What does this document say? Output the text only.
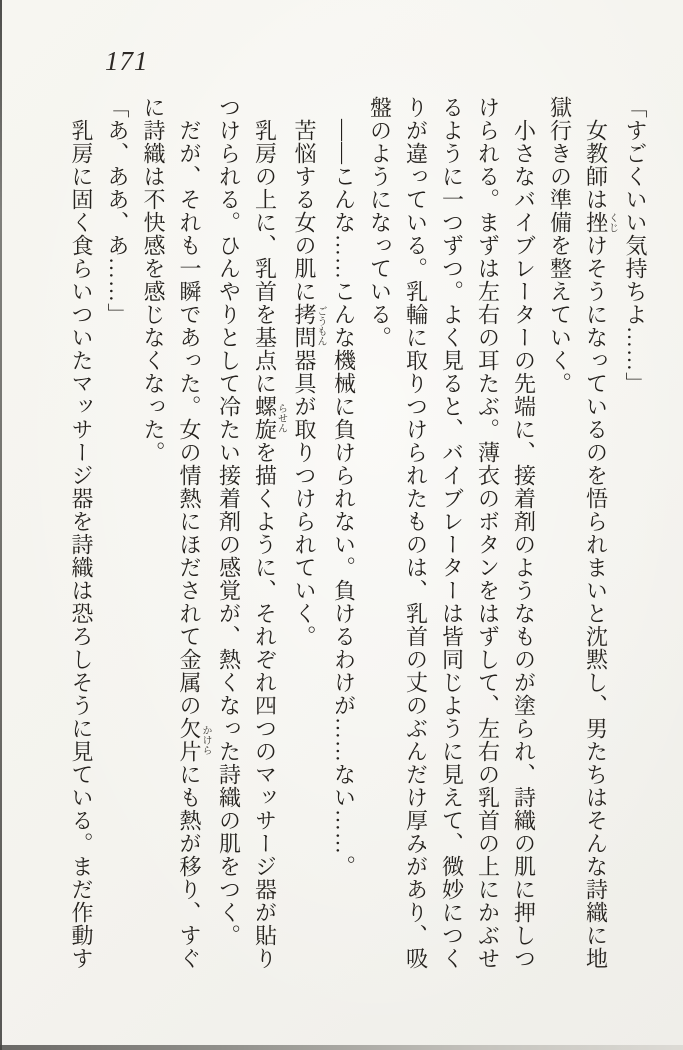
171

「すごくいい気持ちよ……」

女教師は挫くじけそうになっているのを悟られまいと沈黙し、男たちはそんな詩織に地獄行きの準備を整えていく。

小さなバイブレーターの先端に、接着剤のようなものが塗られ、詩織の肌に押しつけられる。まずは左右の耳たぶ。薄衣のボタンをはずして、左右の乳首の上にかぶせるように一つずつ。よく見ると、バイブレーターは皆同じように見えて、微妙につくりが違っている。乳輪に取りつけられたものは、乳首の丈のぶんだけ厚みがあり、吸盤のようになっている。

——こんな……こんな機械に負けられない。負けるわけが……ない……。

苦悩する女の肌に拷問ごうもん器具が取りつけられていく。

乳房の上に、乳首を基点に螺旋らせんを描くように、それぞれ四つのマッサージ器が貼りつけられる。ひんやりとして冷たい接着剤の感覚が、熱くなった詩織の肌をつく。

だが、それも一瞬であった。女の情熱にほだされて金属の欠片かけらにも熱が移り、すぐに詩織は不快感を感じなくなった。

「あ、ああ、あ……」

乳房に固く食らいついたマッサージ器を詩織は恐ろしそうに見ている。まだ作動す
